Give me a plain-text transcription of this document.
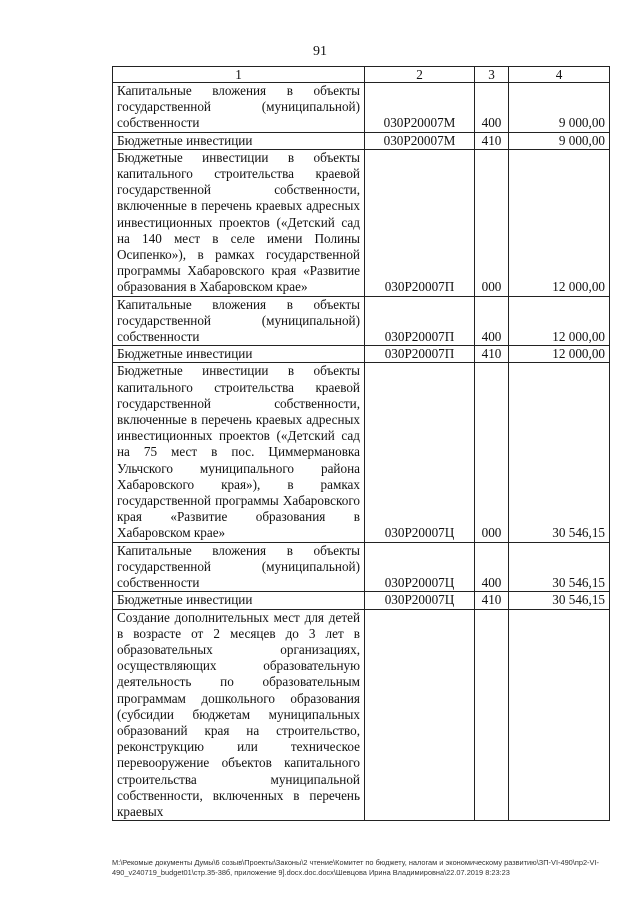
91
1	2	3	4
Капитальные вложения в объекты государственной (муниципальной) собственности	030P20007М	400	9 000,00
Бюджетные инвестиции	030P20007М	410	9 000,00
Бюджетные инвестиции в объекты капитального строительства краевой государственной собственности, включенные в перечень краевых адресных инвестиционных проектов («Детский сад на 140 мест в селе имени Полины Осипенко»), в рамках государственной программы Хабаровского края «Развитие образования в Хабаровском крае»	030P20007П	000	12 000,00
Капитальные вложения в объекты государственной (муниципальной) собственности	030P20007П	400	12 000,00
Бюджетные инвестиции	030P20007П	410	12 000,00
Бюджетные инвестиции в объекты капитального строительства краевой государственной собственности, включенные в перечень краевых адресных инвестиционных проектов («Детский сад на 75 мест в пос. Циммермановка Ульчского муниципального района Хабаровского края»), в рамках государственной программы Хабаровского края «Развитие образования в Хабаровском крае»	030P20007Ц	000	30 546,15
Капитальные вложения в объекты государственной (муниципальной) собственности	030P20007Ц	400	30 546,15
Бюджетные инвестиции	030P20007Ц	410	30 546,15
Создание дополнительных мест для детей в возрасте от 2 месяцев до 3 лет в образовательных организациях, осуществляющих образовательную деятельность по образовательным программам дошкольного образования (субсидии бюджетам муниципальных образований края на строительство, реконструкцию или техническое перевооружение объектов капитального строительства муниципальной собственности, включенных в перечень краевых			
М:\Рекомые документы Думы\6 созыв\Проекты\Законы\2 чтение\Комитет по бюджету, налогам и экономическому развитию\ЗП-VI-490\пр2-VI-490_v240719_budget01\стр.35-38б, приложение 9].docx.doc.docx\Шевцова Ирина Владимировна\22.07.2019 8:23:23
